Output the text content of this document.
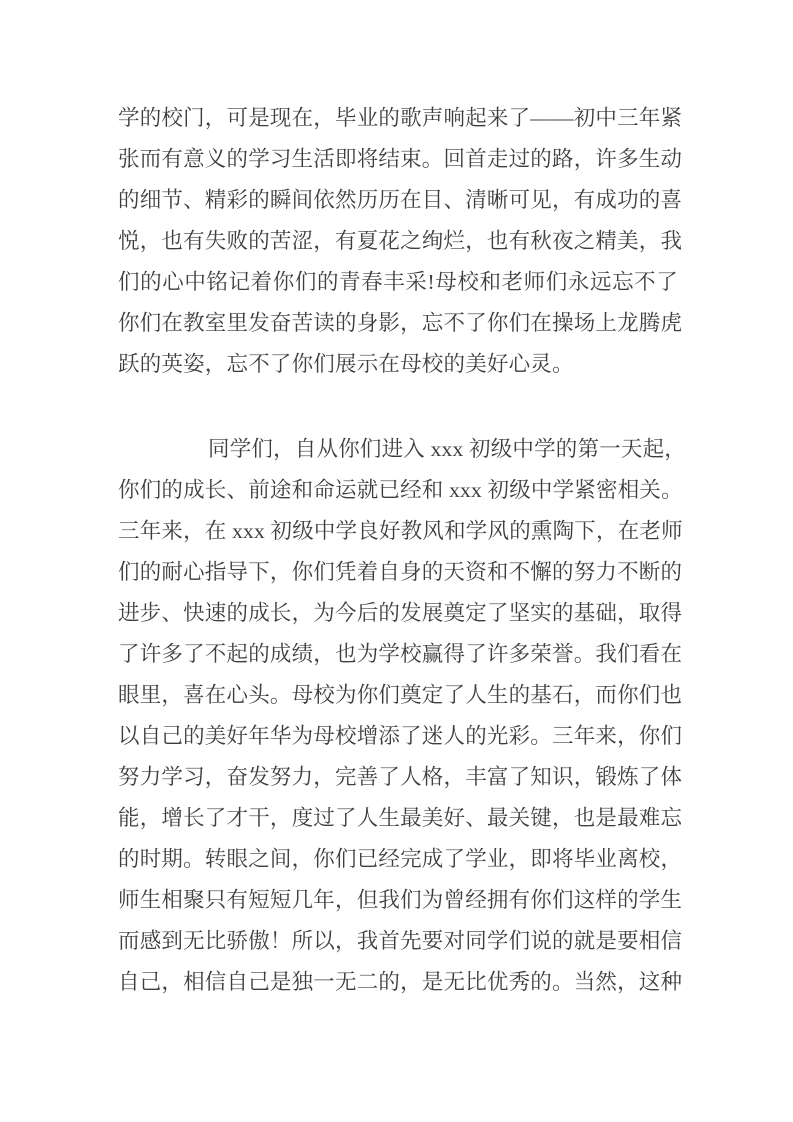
学的校门，可是现在，毕业的歌声响起来了——初中三年紧
张而有意义的学习生活即将结束。回首走过的路，许多生动
的细节、精彩的瞬间依然历历在目、清晰可见，有成功的喜
悦，也有失败的苦涩，有夏花之绚烂，也有秋夜之精美，我
们的心中铭记着你们的青春丰采!母校和老师们永远忘不了
你们在教室里发奋苦读的身影，忘不了你们在操场上龙腾虎
跃的英姿，忘不了你们展示在母校的美好心灵。
同学们，自从你们进入 xxx 初级中学的第一天起，
你们的成长、前途和命运就已经和 xxx 初级中学紧密相关。
三年来，在 xxx 初级中学良好教风和学风的熏陶下，在老师
们的耐心指导下，你们凭着自身的天资和不懈的努力不断的
进步、快速的成长，为今后的发展奠定了坚实的基础，取得
了许多了不起的成绩，也为学校赢得了许多荣誉。我们看在
眼里，喜在心头。母校为你们奠定了人生的基石，而你们也
以自己的美好年华为母校增添了迷人的光彩。三年来，你们
努力学习，奋发努力，完善了人格，丰富了知识，锻炼了体
能，增长了才干，度过了人生最美好、最关键，也是最难忘
的时期。转眼之间，你们已经完成了学业，即将毕业离校，
师生相聚只有短短几年，但我们为曾经拥有你们这样的学生
而感到无比骄傲！所以，我首先要对同学们说的就是要相信
自己，相信自己是独一无二的，是无比优秀的。当然，这种
